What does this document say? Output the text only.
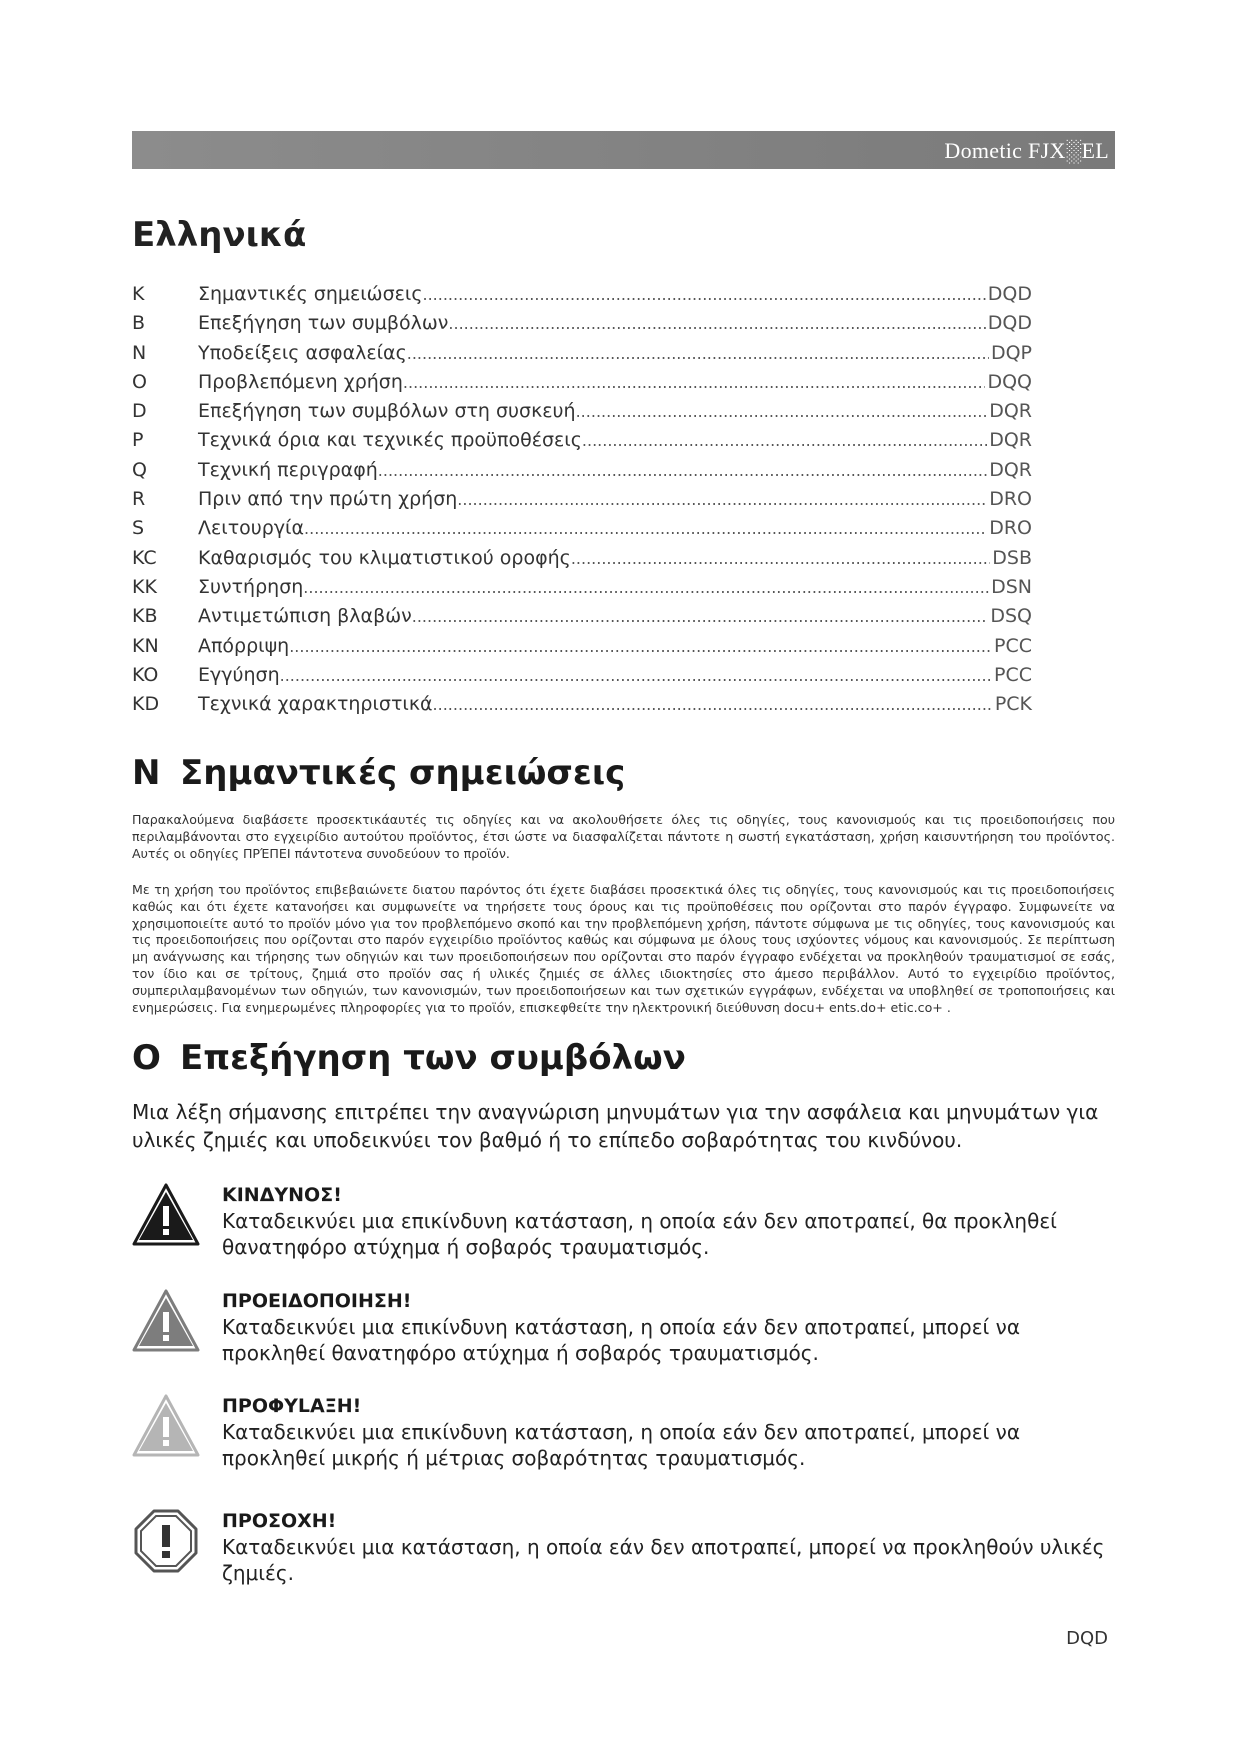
Dometic FJX░EL
Ελληνικά
K	Σημαντικές σημειώσεις .....	DQD
B	Επεξήγηση των συμβόλων .....	DQD
N	Υποδείξεις ασφαλείας .....	DQP
O	Προβλεπόμενη χρήση .....	DQQ
D	Επεξήγηση των συμβόλων στη συσκευή .....	DQR
P	Τεχνικά όρια και τεχνικές προϋποθέσεις .....	DQR
Q	Τεχνική περιγραφή .....	DQR
R	Πριν από την πρώτη χρήση .....	DRO
S	Λειτουργία .....	DRO
KC	Καθαρισμός του κλιματιστικού οροφής .....	DSB
KK	Συντήρηση .....	DSN
KB	Αντιμετώπιση βλαβών .....	DSQ
KN	Απόρριψη .....	PCC
KO	Εγγύηση .....	PCC
KD	Τεχνικά χαρακτηριστικά .....	PCK
N Σημαντικές σημειώσεις
Παρακαλούμενα διαβάσετε προσεκτικάαυτές τις οδηγίες και να ακολουθήσετε όλες τις οδηγίες, τους κανονισμούς και τις προειδοποιήσεις που περιλαμβάνονται στο εγχειρίδιο αυτούτου προϊόντος, έτσι ώστε να διασφαλίζεται πάντοτε η σωστή εγκατάσταση, χρήση καισυντήρηση του προϊόντος. Αυτές οι οδηγίες ΠΡΈΠΕΙ πάντοτενα συνοδεύουν το προϊόν.
Με τη χρήση του προϊόντος επιβεβαιώνετε διατου παρόντος ότι έχετε διαβάσει προσεκτικά όλες τις οδηγίες, τους κανονισμούς και τις προειδοποιήσεις καθώς και ότι έχετε κατανοήσει και συμφωνείτε να τηρήσετε τους όρους και τις προϋποθέσεις που ορίζονται στο παρόν έγγραφο. Συμφωνείτε να χρησιμοποιείτε αυτό το προϊόν μόνο για τον προβλεπόμενο σκοπό και την προβλεπόμενη χρήση, πάντοτε σύμφωνα με τις οδηγίες, τους κανονισμούς και τις προειδοποιήσεις που ορίζονται στο παρόν εγχειρίδιο προϊόντος καθώς και σύμφωνα με όλους τους ισχύοντες νόμους και κανονισμούς. Σε περίπτωση μη ανάγνωσης και τήρησης των οδηγιών και των προειδοποιήσεων που ορίζονται στο παρόν έγγραφο ενδέχεται να προκληθούν τραυματισμοί σε εσάς, τον ίδιο και σε τρίτους, ζημιά στο προϊόν σας ή υλικές ζημιές σε άλλες ιδιοκτησίες στο άμεσο περιβάλλον. Αυτό το εγχειρίδιο προϊόντος, συμπεριλαμβανομένων των οδηγιών, των κανονισμών, των προειδοποιήσεων και των σχετικών εγγράφων, ενδέχεται να υποβληθεί σε τροποποιήσεις και ενημερώσεις. Για ενημερωμένες πληροφορίες για το προϊόν, επισκεφθείτε την ηλεκτρονική διεύθυνση docu+ ents.do+ etic.co+ .
O Επεξήγηση των συμβόλων
Μια λέξη σήμανσης επιτρέπει την αναγνώριση μηνυμάτων για την ασφάλεια και μηνυμάτων για υλικές ζημιές και υποδεικνύει τον βαθμό ή το επίπεδο σοβαρότητας του κινδύνου.
ΚΙΝΔΥΝΟΣ!
Καταδεικνύει μια επικίνδυνη κατάσταση, η οποία εάν δεν αποτραπεί, θα προκληθεί θανατηφόρο ατύχημα ή σοβαρός τραυματισμός.
ΠΡΟΕΙΔΟΠΟΙΗΣΗ!
Καταδεικνύει μια επικίνδυνη κατάσταση, η οποία εάν δεν αποτραπεί, μπορεί να προκληθεί θανατηφόρο ατύχημα ή σοβαρός τραυματισμός.
ΠΡΟΦΥLΑΞΗ!
Καταδεικνύει μια επικίνδυνη κατάσταση, η οποία εάν δεν αποτραπεί, μπορεί να προκληθεί μικρής ή μέτριας σοβαρότητας τραυματισμός.
ΠΡΟΣΟΧΗ!
Καταδεικνύει μια κατάσταση, η οποία εάν δεν αποτραπεί, μπορεί να προκληθούν υλικές ζημιές.
DQD
